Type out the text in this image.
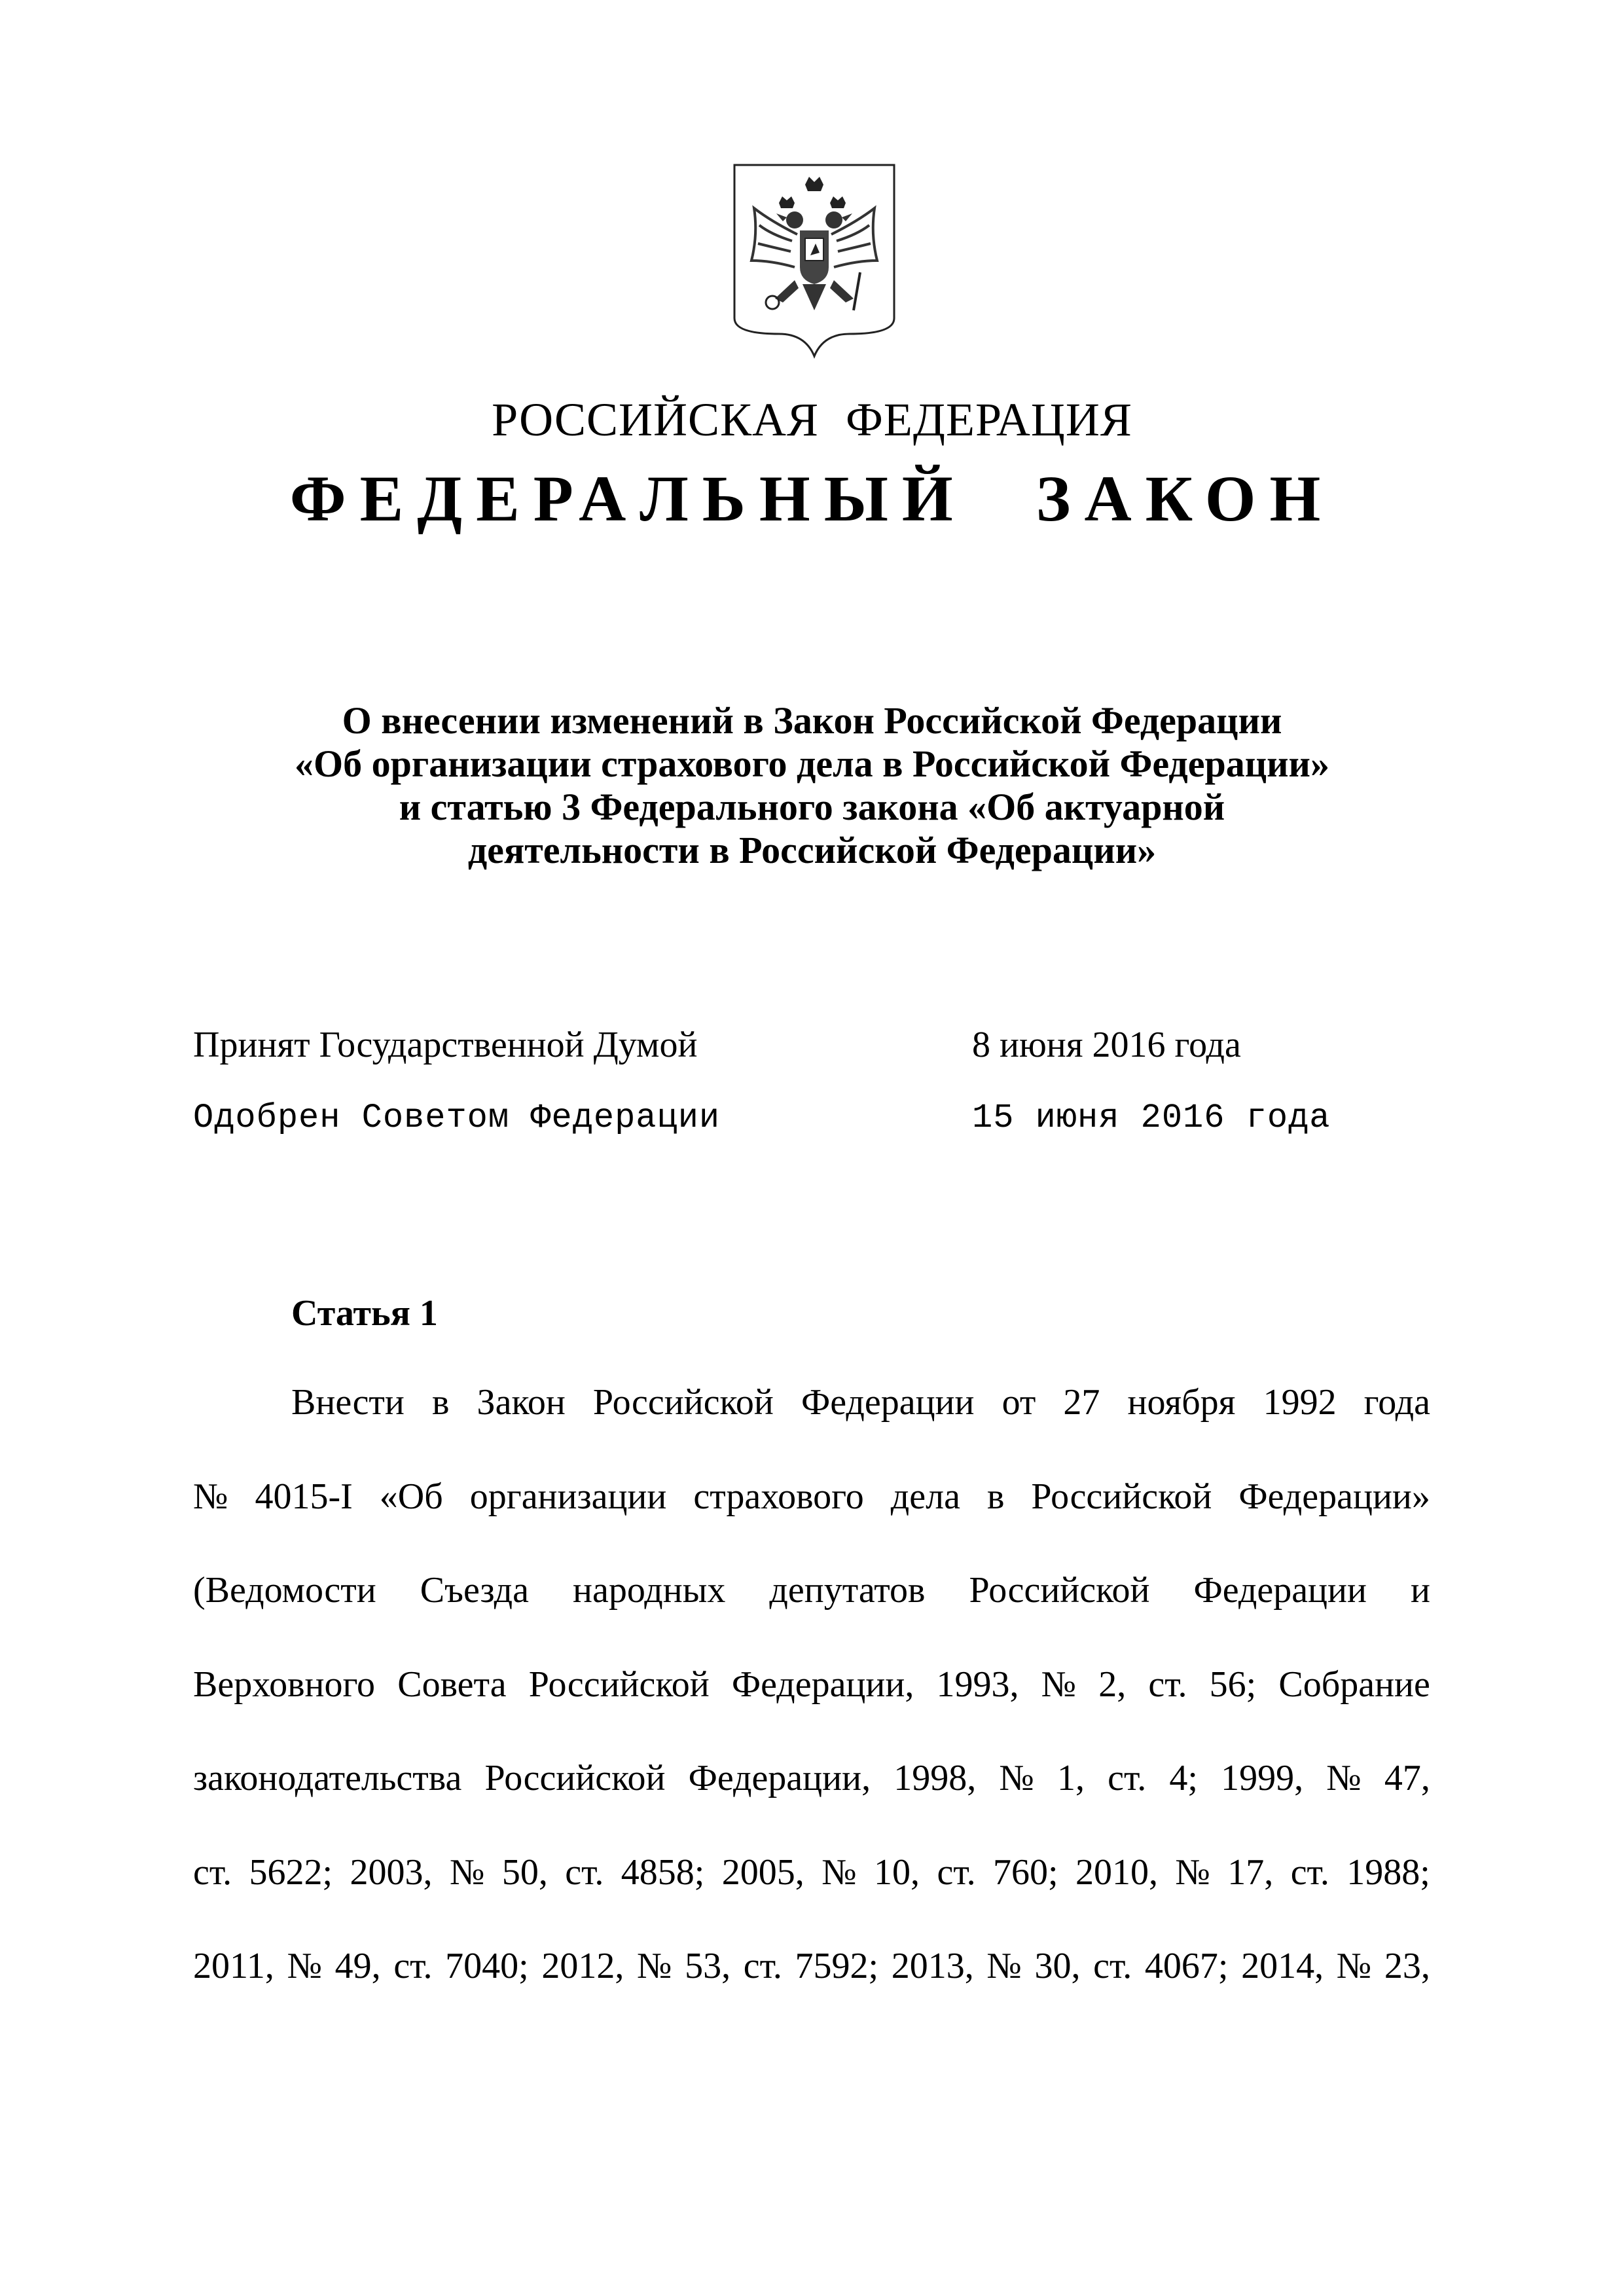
РОССИЙСКАЯ ФЕДЕРАЦИЯ
ФЕДЕРАЛЬНЫЙ ЗАКОН
О внесении изменений в Закон Российской Федерации
«Об организации страхового дела в Российской Федерации»
и статью 3 Федерального закона «Об актуарной
деятельности в Российской Федерации»
Принят Государственной Думой	8 июня 2016 года
Одобрен Советом Федерации	15 июня 2016 года
Статья 1
Внести в Закон Российской Федерации от 27 ноября 1992 года
№ 4015-I «Об организации страхового дела в Российской Федерации»
(Ведомости Съезда народных депутатов Российской Федерации и
Верховного Совета Российской Федерации, 1993, № 2, ст. 56; Собрание
законодательства Российской Федерации, 1998, № 1, ст. 4; 1999, № 47,
ст. 5622; 2003, № 50, ст. 4858; 2005, № 10, ст. 760; 2010, № 17, ст. 1988;
2011, № 49, ст. 7040; 2012, № 53, ст. 7592; 2013, № 30, ст. 4067; 2014, № 23,
